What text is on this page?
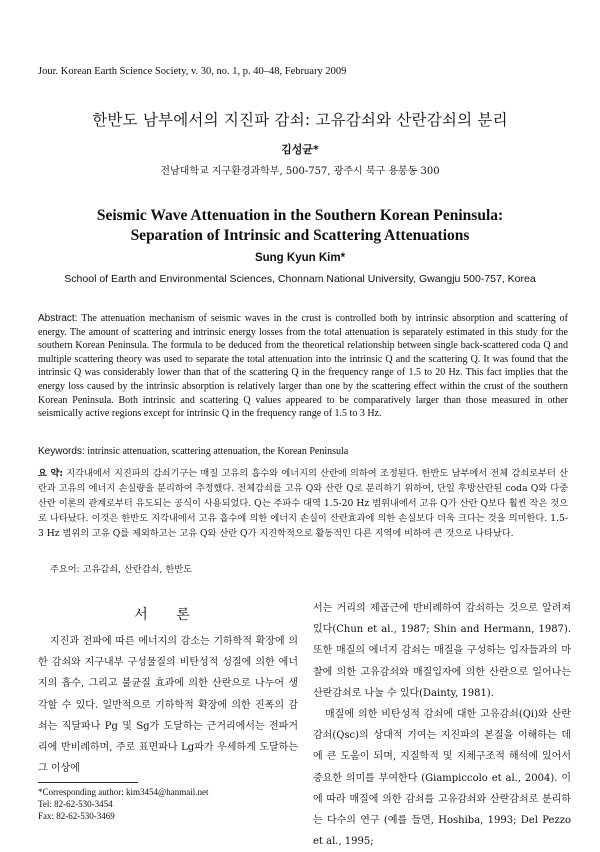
Jour. Korean Earth Science Society, v. 30, no. 1, p. 40–48, February 2009
한반도 남부에서의 지진파 감쇠: 고유감쇠와 산란감쇠의 분리
김성균*
전남대학교 지구환경과학부, 500-757, 광주시 북구 용봉동 300
Seismic Wave Attenuation in the Southern Korean Peninsula:
Separation of Intrinsic and Scattering Attenuations
Sung Kyun Kim*
School of Earth and Environmental Sciences, Chonnam National University, Gwangju 500-757, Korea
Abstract: The attenuation mechanism of seismic waves in the crust is controlled both by intrinsic absorption and scattering of energy. The amount of scattering and intrinsic energy losses from the total attenuation is separately estimated in this study for the southern Korean Peninsula. The formula to be deduced from the theoretical relationship between single back-scattered coda Q and multiple scattering theory was used to separate the total attenuation into the intrinsic Q and the scattering Q. It was found that the intrinsic Q was considerably lower than that of the scattering Q in the frequency range of 1.5 to 20 Hz. This fact implies that the energy loss caused by the intrinsic absorption is relatively larger than one by the scattering effect within the crust of the southern Korean Peninsula. Both intrinsic and scattering Q values appeared to be comparatively larger than those measured in other seismically active regions except for intrinsic Q in the frequency range of 1.5 to 3 Hz.
Keywords: intrinsic attenuation, scattering attenuation, the Korean Peninsula
요 약: 지각내에서 지진파의 감쇠기구는 매질 고유의 흡수와 에너지의 산란에 의하여 조정된다. 한반도 남부에서 전체 감쇠로부터 산란과 고유의 에너지 손실량을 분리하여 추정했다. 전체감쇠를 고유 Q와 산란 Q로 분리하기 위하여, 단일 후방산란된 coda Q와 다중산란 이론의 관계로부터 유도되는 공식이 사용되었다. Q는 주파수 대역 1.5-20 Hz 범위내에서 고유 Q가 산란 Q보다 훨씬 작은 것으로 나타났다. 이것은 한반도 지각내에서 고유 흡수에 의한 에너지 손실이 산란효과에 의한 손실보다 더욱 크다는 것을 의미한다. 1.5-3 Hz 범위의 고유 Q를 제외하고는 고유 Q와 산란 Q가 지진학적으로 활동적인 다른 지역에 비하여 큰 것으로 나타났다.
주요어: 고유감쇠, 산란감쇠, 한반도
서 론

지진과 전파에 따른 에너지의 감소는 기하학적 확장에 의한 감쇠와 지구내부 구성물질의 비탄성적 성질에 의한 에너지의 흡수, 그리고 불균질 효과에 의한 산란으로 나누어 생각할 수 있다. 일반적으로 기하학적 확장에 의한 진폭의 감쇠는 직달파나 Pg 및 Sg가 도달하는 근거리에서는 전파거리에 반비례하며, 주로 표면파나 Lg파가 우세하게 도달하는 그 이상에

서는 거리의 제곱근에 반비례하여 감쇠하는 것으로 알려져 있다(Chun et al., 1987; Shin and Hermann, 1987). 또한 매질의 에너지 감쇠는 매질을 구성하는 입자들과의 마찰에 의한 고유감쇠와 매질입자에 의한 산란으로 일어나는 산란감쇠로 나눌 수 있다(Dainty, 1981).

매질에 의한 비탄성적 감쇠에 대한 고유감쇠(Qi)와 산란감쇠(Qsc)의 상대적 기여는 지진파의 본질을 이해하는 데에 큰 도움이 되며, 지질학적 및 지체구조적 해석에 있어서 중요한 의미를 부여한다 (Giampiccolo et al., 2004). 이에 따라 매질에 의한 감쇠를 고유감쇠와 산란감쇠로 분리하는 다수의 연구 (예를 들면, Hoshiba, 1993; Del Pezzo et al., 1995;

*Corresponding author: kim3454@hanmail.net
Tel: 82-62-530-3454
Fax: 82-62-530-3469
